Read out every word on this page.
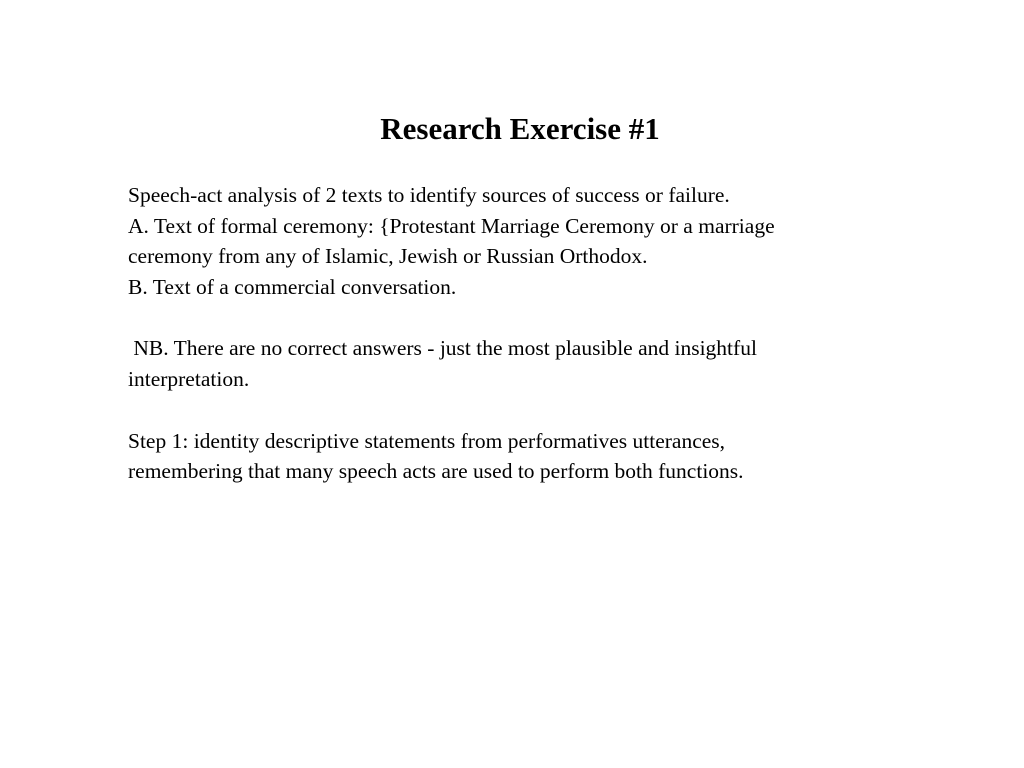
Research Exercise #1
Speech-act analysis of 2 texts to identify sources of success or failure.
A. Text of formal ceremony: {Protestant Marriage Ceremony or a marriage
ceremony from any of Islamic, Jewish or Russian Orthodox.
B. Text of a commercial conversation.
NB. There are no correct answers - just the most plausible and insightful
interpretation.
Step 1: identity descriptive statements from performatives utterances,
remembering that many speech acts are used to perform both functions.
